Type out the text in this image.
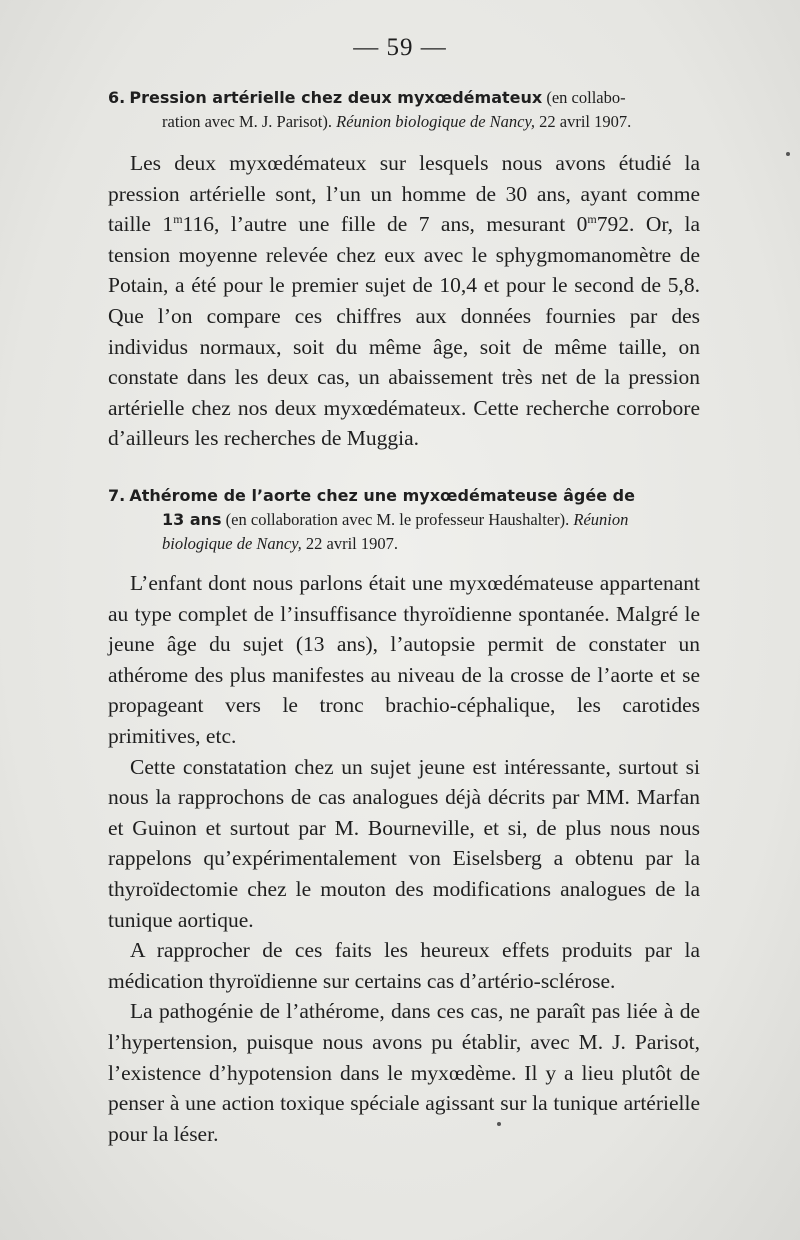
— 59 —
6. Pression artérielle chez deux myxœdémateux (en collabo-
ration avec M. J. Parisot). Réunion biologique de Nancy, 22 avril 1907.

Les deux myxœdémateux sur lesquels nous avons étudié la pression artérielle sont, l’un un homme de 30 ans, ayant comme taille 1$^m$116, l’autre une fille de 7 ans, mesurant 0$^m$792. Or, la tension moyenne relevée chez eux avec le sphygmomanomètre de Potain, a été pour le premier sujet de 10,4 et pour le second de 5,8. Que l’on compare ces chiffres aux données fournies par des individus normaux, soit du même âge, soit de même taille, on constate dans les deux cas, un abaissement très net de la pression artérielle chez nos deux myxœdémateux. Cette recherche corrobore d’ailleurs les recherches de Muggia.

7. Athérome de l’aorte chez une myxœdémateuse âgée de
13 ans (en collaboration avec M. le professeur Haushalter). Réunion
biologique de Nancy, 22 avril 1907.

L’enfant dont nous parlons était une myxœdémateuse appartenant au type complet de l’insuffisance thyroïdienne spontanée. Malgré le jeune âge du sujet (13 ans), l’autopsie permit de constater un athérome des plus manifestes au niveau de la crosse de l’aorte et se propageant vers le tronc brachio-céphalique, les carotides primitives, etc.

Cette constatation chez un sujet jeune est intéressante, surtout si nous la rapprochons de cas analogues déjà décrits par MM. Marfan et Guinon et surtout par M. Bourneville, et si, de plus nous nous rappelons qu’expérimentalement von Eiselsberg a obtenu par la thyroïdectomie chez le mouton des modifications analogues de la tunique aortique.

A rapprocher de ces faits les heureux effets produits par la médication thyroïdienne sur certains cas d’artério-sclérose.

La pathogénie de l’athérome, dans ces cas, ne paraît pas liée à de l’hypertension, puisque nous avons pu établir, avec M. J. Parisot, l’existence d’hypotension dans le myxœdème. Il y a lieu plutôt de penser à une action toxique spéciale agissant sur la tunique artérielle pour la léser.
